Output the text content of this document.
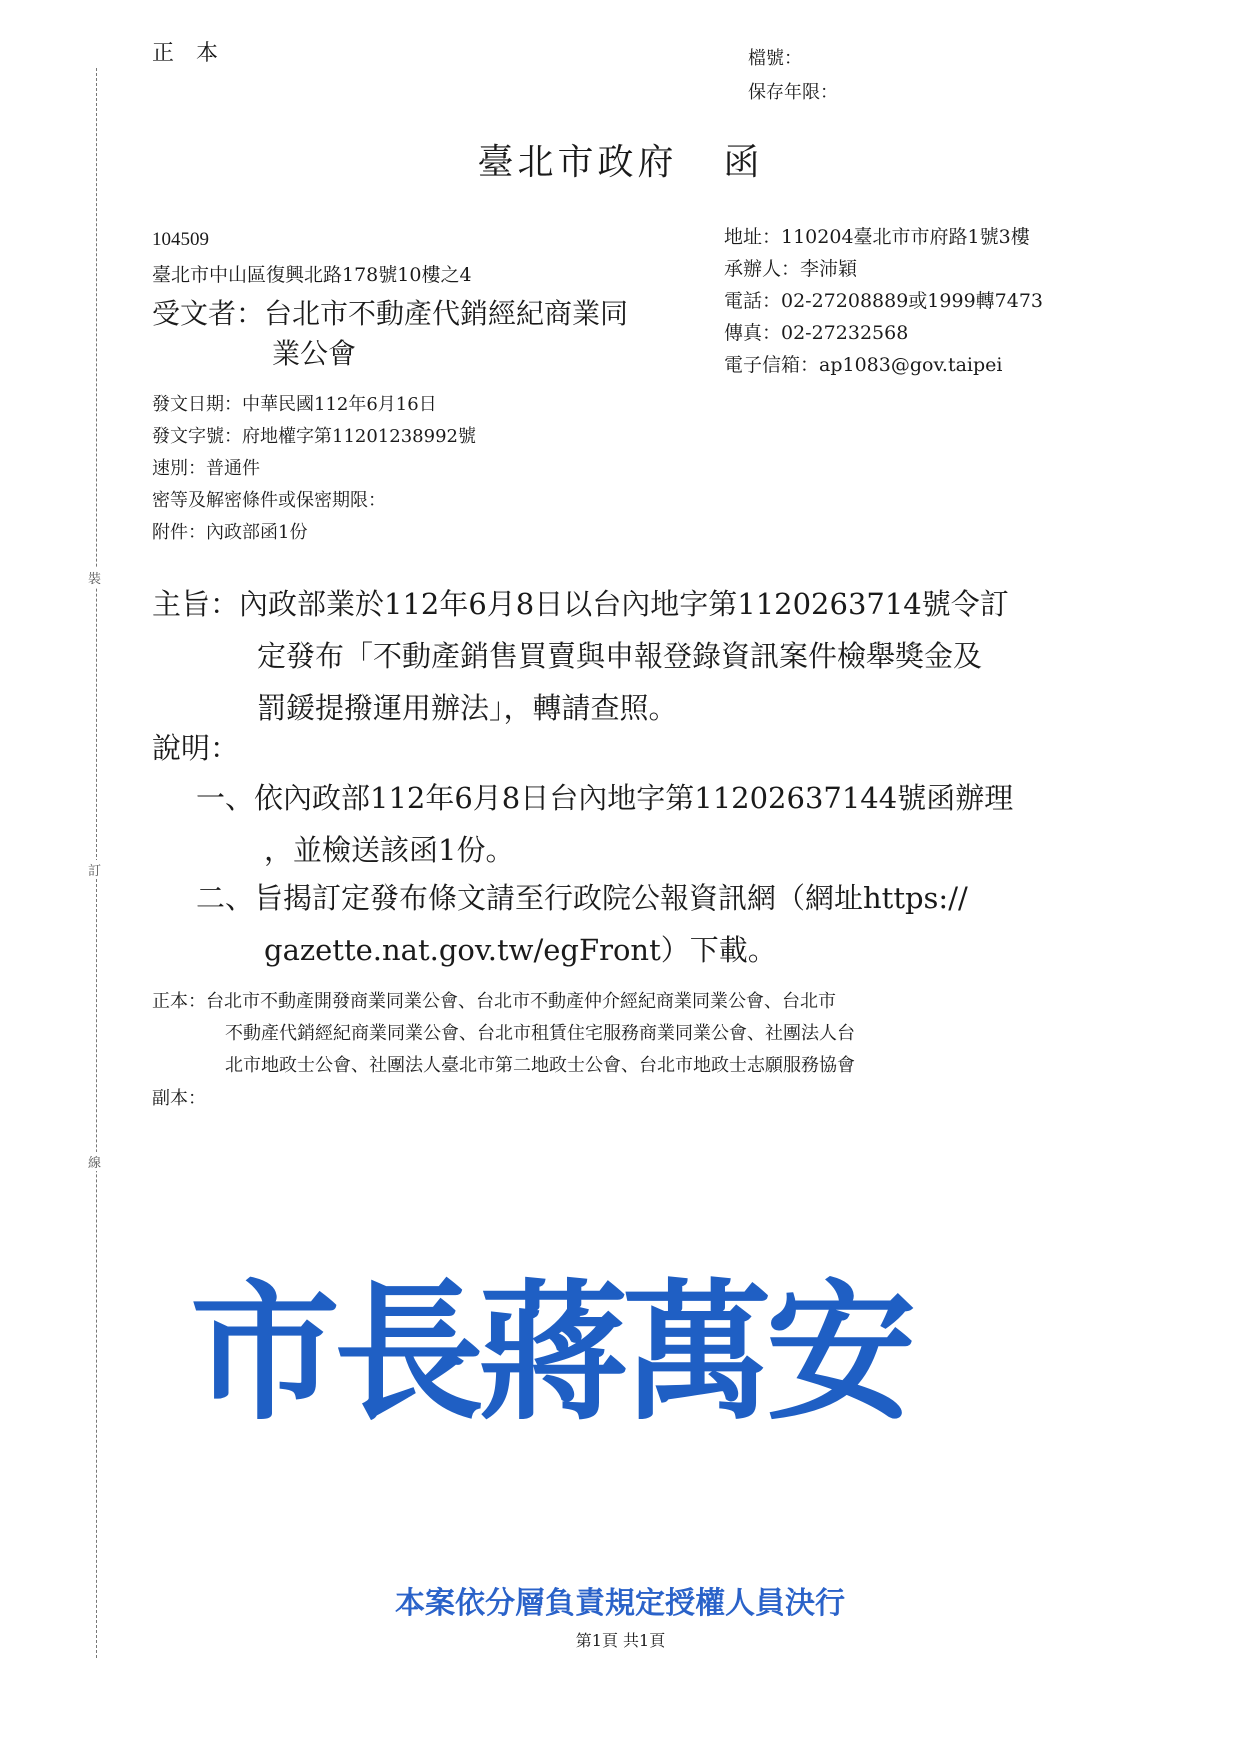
裝
訂
線
正本	檔號：
保存年限：
臺北市政府 函
104509
臺北市中山區復興北路178號10樓之4
受文者：台北市不動產代銷經紀商業同
業公會
地址：110204臺北市市府路1號3樓
承辦人：李沛穎
電話：02-27208889或1999轉7473
傳真：02-27232568
電子信箱：ap1083@gov.taipei
發文日期：中華民國112年6月16日
發文字號：府地權字第11201238992號
速別：普通件
密等及解密條件或保密期限：
附件：內政部函1份
主旨：內政部業於112年6月8日以台內地字第1120263714號令訂
定發布「不動產銷售買賣與申報登錄資訊案件檢舉獎金及
罰鍰提撥運用辦法」，轉請查照。
說明：
一、依內政部112年6月8日台內地字第11202637144號函辦理
，並檢送該函1份。
二、旨揭訂定發布條文請至行政院公報資訊網（網址https://
gazette.nat.gov.tw/egFront）下載。
正本：台北市不動產開發商業同業公會、台北市不動產仲介經紀商業同業公會、台北市
不動產代銷經紀商業同業公會、台北市租賃住宅服務商業同業公會、社團法人台
北市地政士公會、社團法人臺北市第二地政士公會、台北市地政士志願服務協會
副本：
市長蔣萬安
本案依分層負責規定授權人員決行
第1頁 共1頁
